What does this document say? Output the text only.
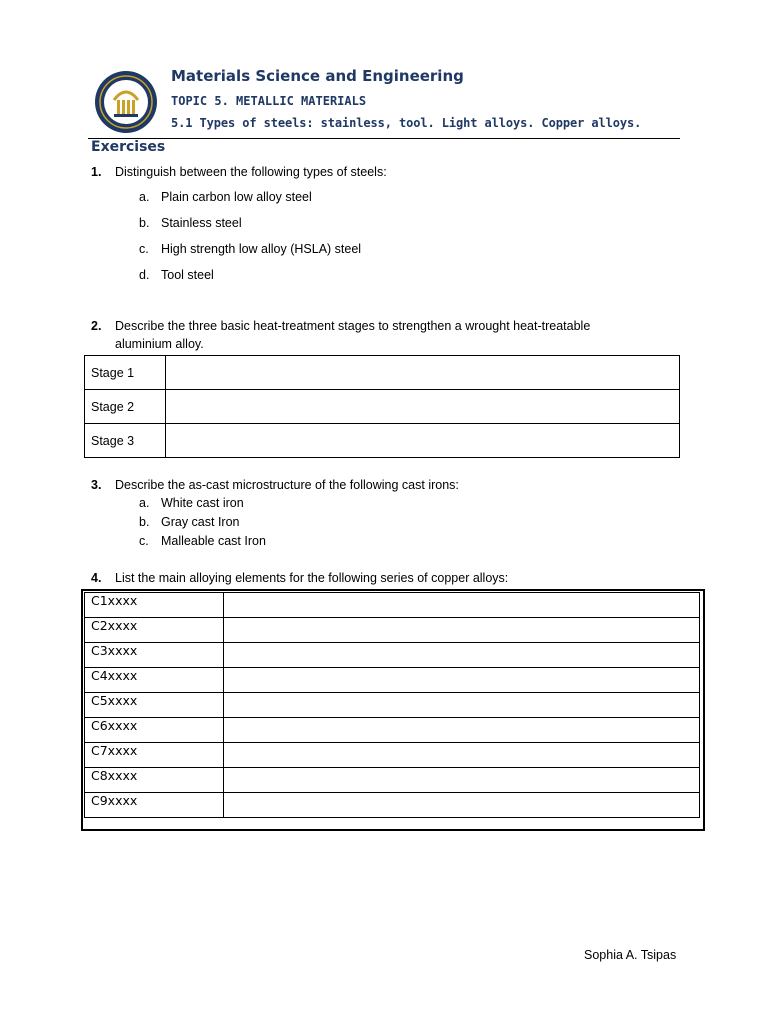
Materials Science and Engineering
TOPIC 5. METALLIC MATERIALS
5.1 Types of steels: stainless, tool. Light alloys. Copper alloys.
Exercises
1. Distinguish between the following types of steels:
a. Plain carbon low alloy steel
b. Stainless steel
c. High strength low alloy (HSLA) steel
d. Tool steel
2. Describe the three basic heat-treatment stages to strengthen a wrought heat-treatable
aluminium alloy.
Stage 1	
Stage 2	
Stage 3	
3. Describe the as-cast microstructure of the following cast irons:
a. White cast iron
b. Gray cast Iron
c. Malleable cast Iron
4. List the main alloying elements for the following series of copper alloys:
C1xxxx	
C2xxxx	
C3xxxx	
C4xxxx	
C5xxxx	
C6xxxx	
C7xxxx	
C8xxxx	
C9xxxx	
Sophia A. Tsipas
